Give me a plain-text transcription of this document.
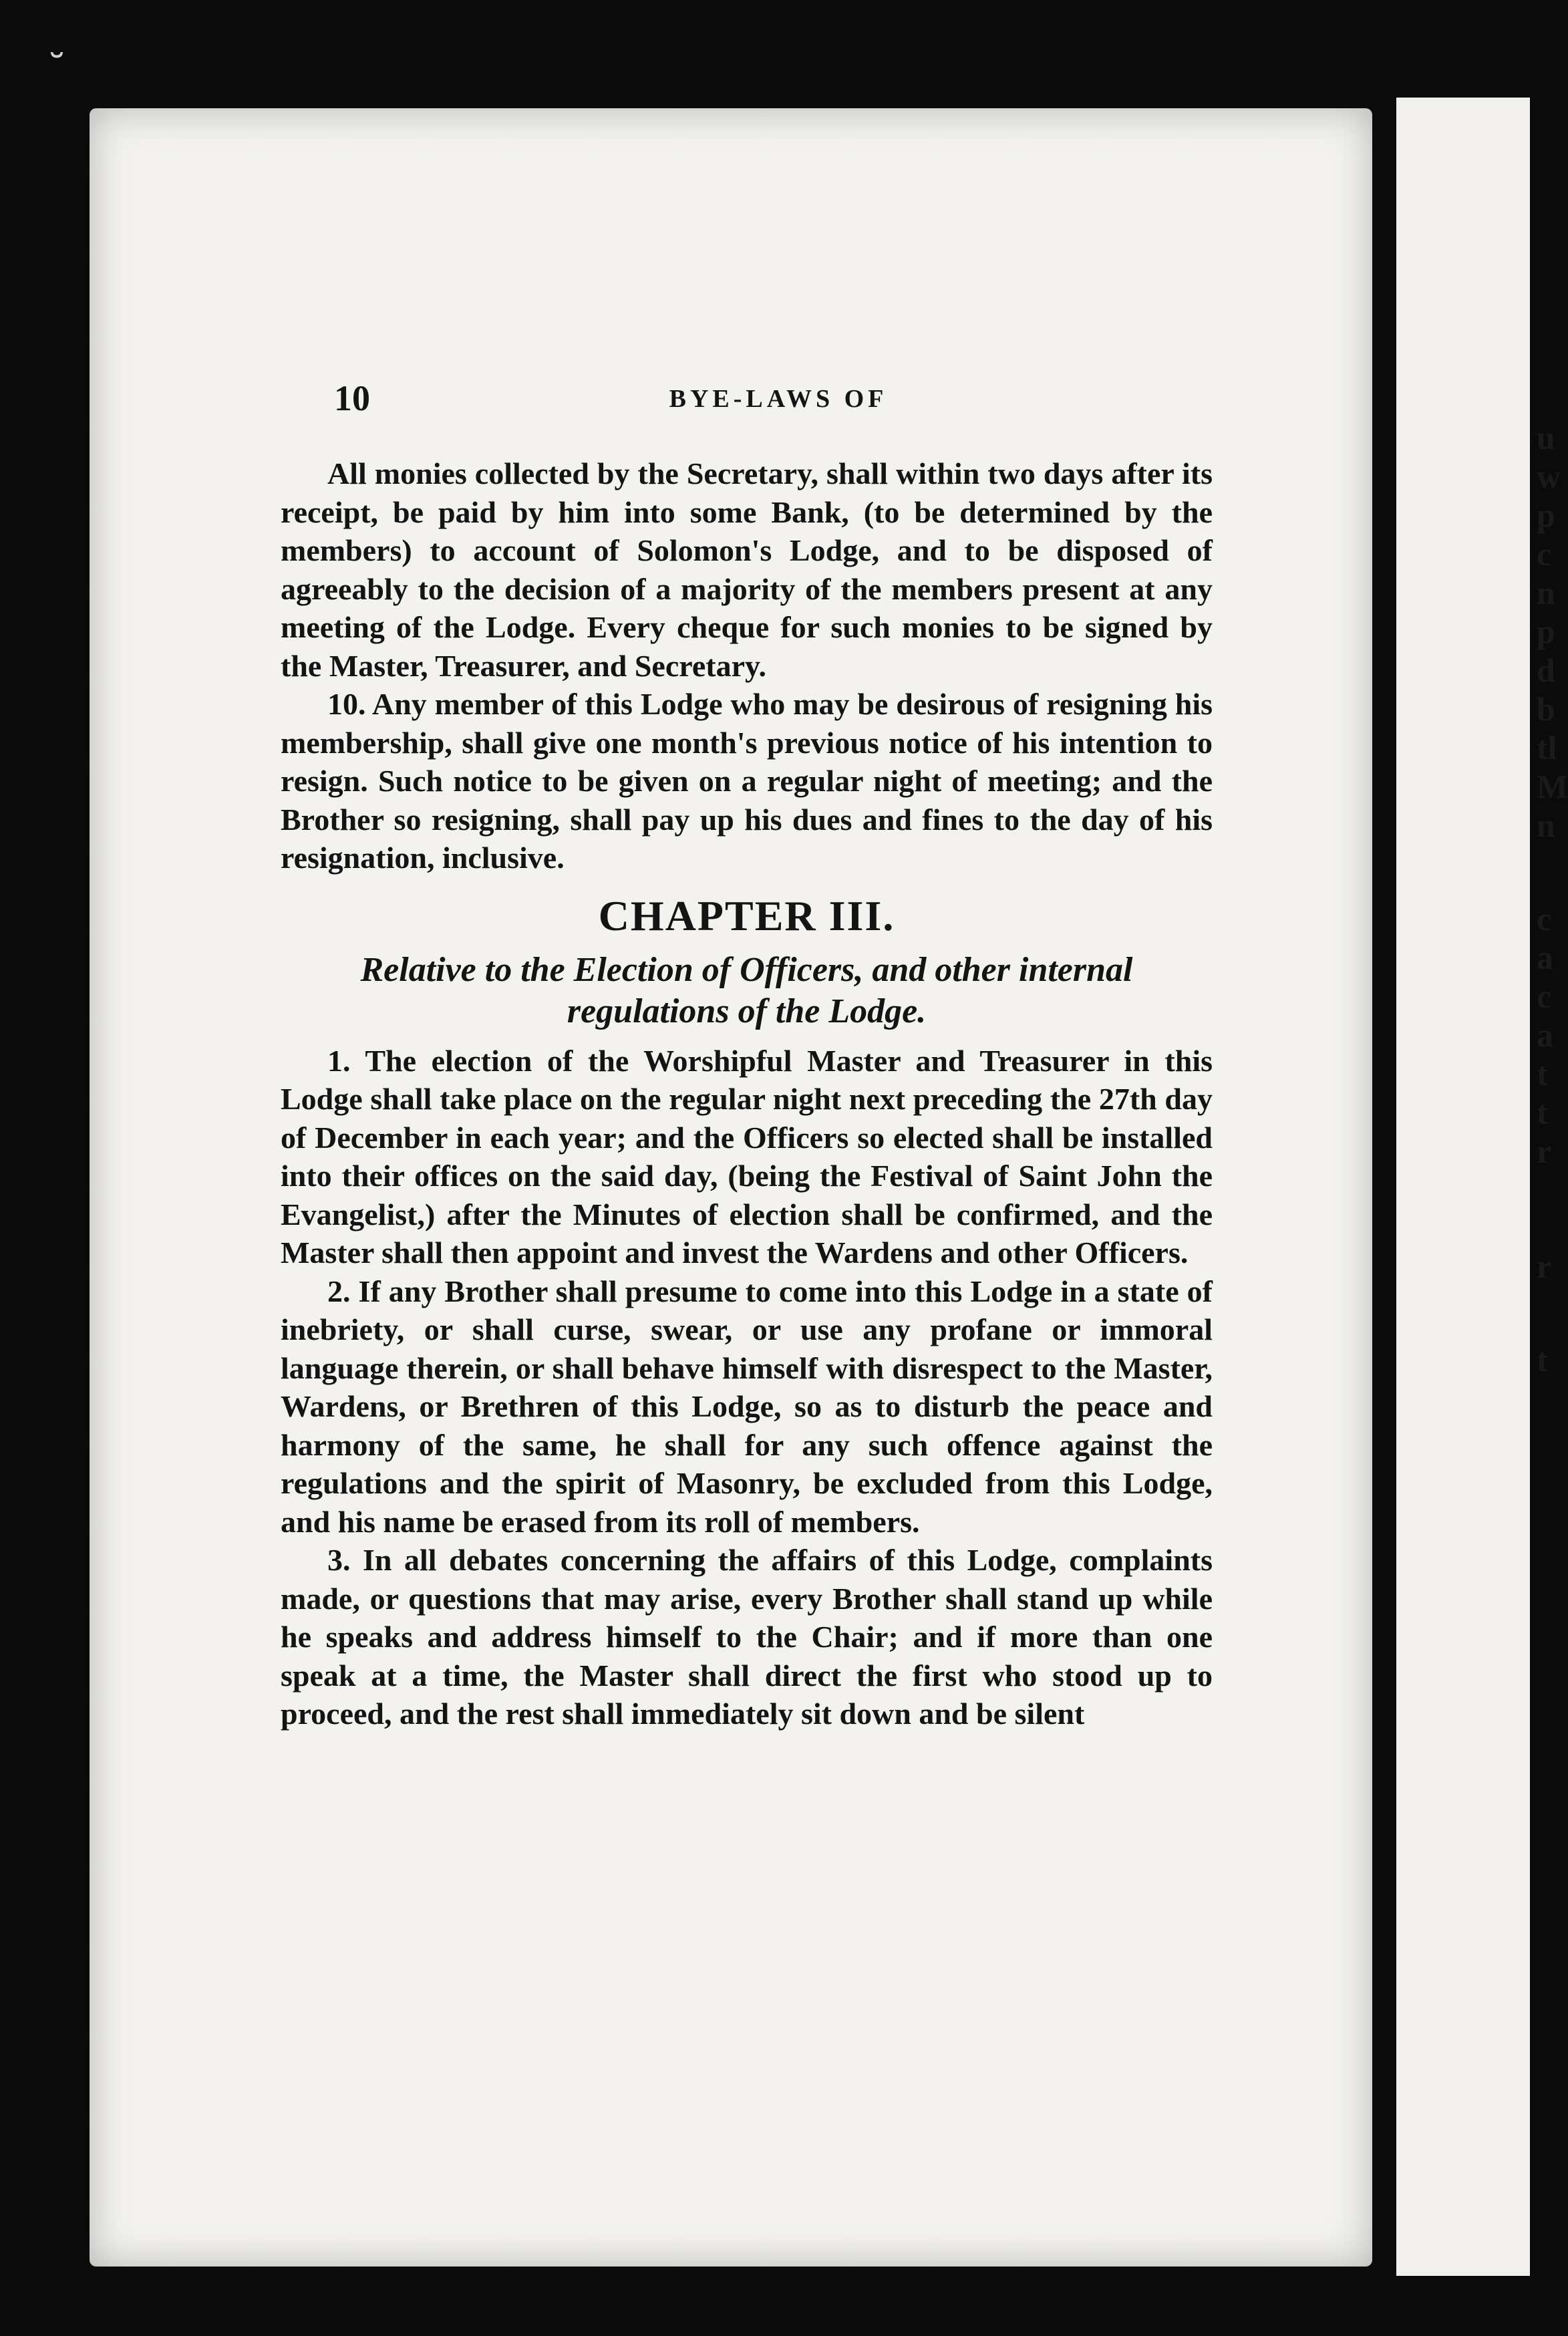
u
w
p
c
n
p
d
b
tl
M
n
c
a
c
a
t
t
r
r
t
˘
10	BYE-LAWS OF

All monies collected by the Secretary, shall within two days after its receipt, be paid by him into some Bank, (to be determined by the members) to account of Solomon's Lodge, and to be disposed of agreeably to the decision of a majority of the members present at any meeting of the Lodge. Every cheque for such monies to be signed by the Master, Treasurer, and Secretary.

10. Any member of this Lodge who may be desirous of resigning his membership, shall give one month's previous notice of his intention to resign. Such notice to be given on a regular night of meeting; and the Brother so resigning, shall pay up his dues and fines to the day of his resignation, inclusive.

CHAPTER III.

Relative to the Election of Officers, and other internal regulations of the Lodge.

1. The election of the Worshipful Master and Treasurer in this Lodge shall take place on the regular night next preceding the 27th day of December in each year; and the Officers so elected shall be installed into their offices on the said day, (being the Festival of Saint John the Evangelist,) after the Minutes of election shall be confirmed, and the Master shall then appoint and invest the Wardens and other Officers.

2. If any Brother shall presume to come into this Lodge in a state of inebriety, or shall curse, swear, or use any profane or immoral language therein, or shall behave himself with disrespect to the Master, Wardens, or Brethren of this Lodge, so as to disturb the peace and harmony of the same, he shall for any such offence against the regulations and the spirit of Masonry, be excluded from this Lodge, and his name be erased from its roll of members.

3. In all debates concerning the affairs of this Lodge, complaints made, or questions that may arise, every Brother shall stand up while he speaks and address himself to the Chair; and if more than one speak at a time, the Master shall direct the first who stood up to proceed, and the rest shall immediately sit down and be silent
